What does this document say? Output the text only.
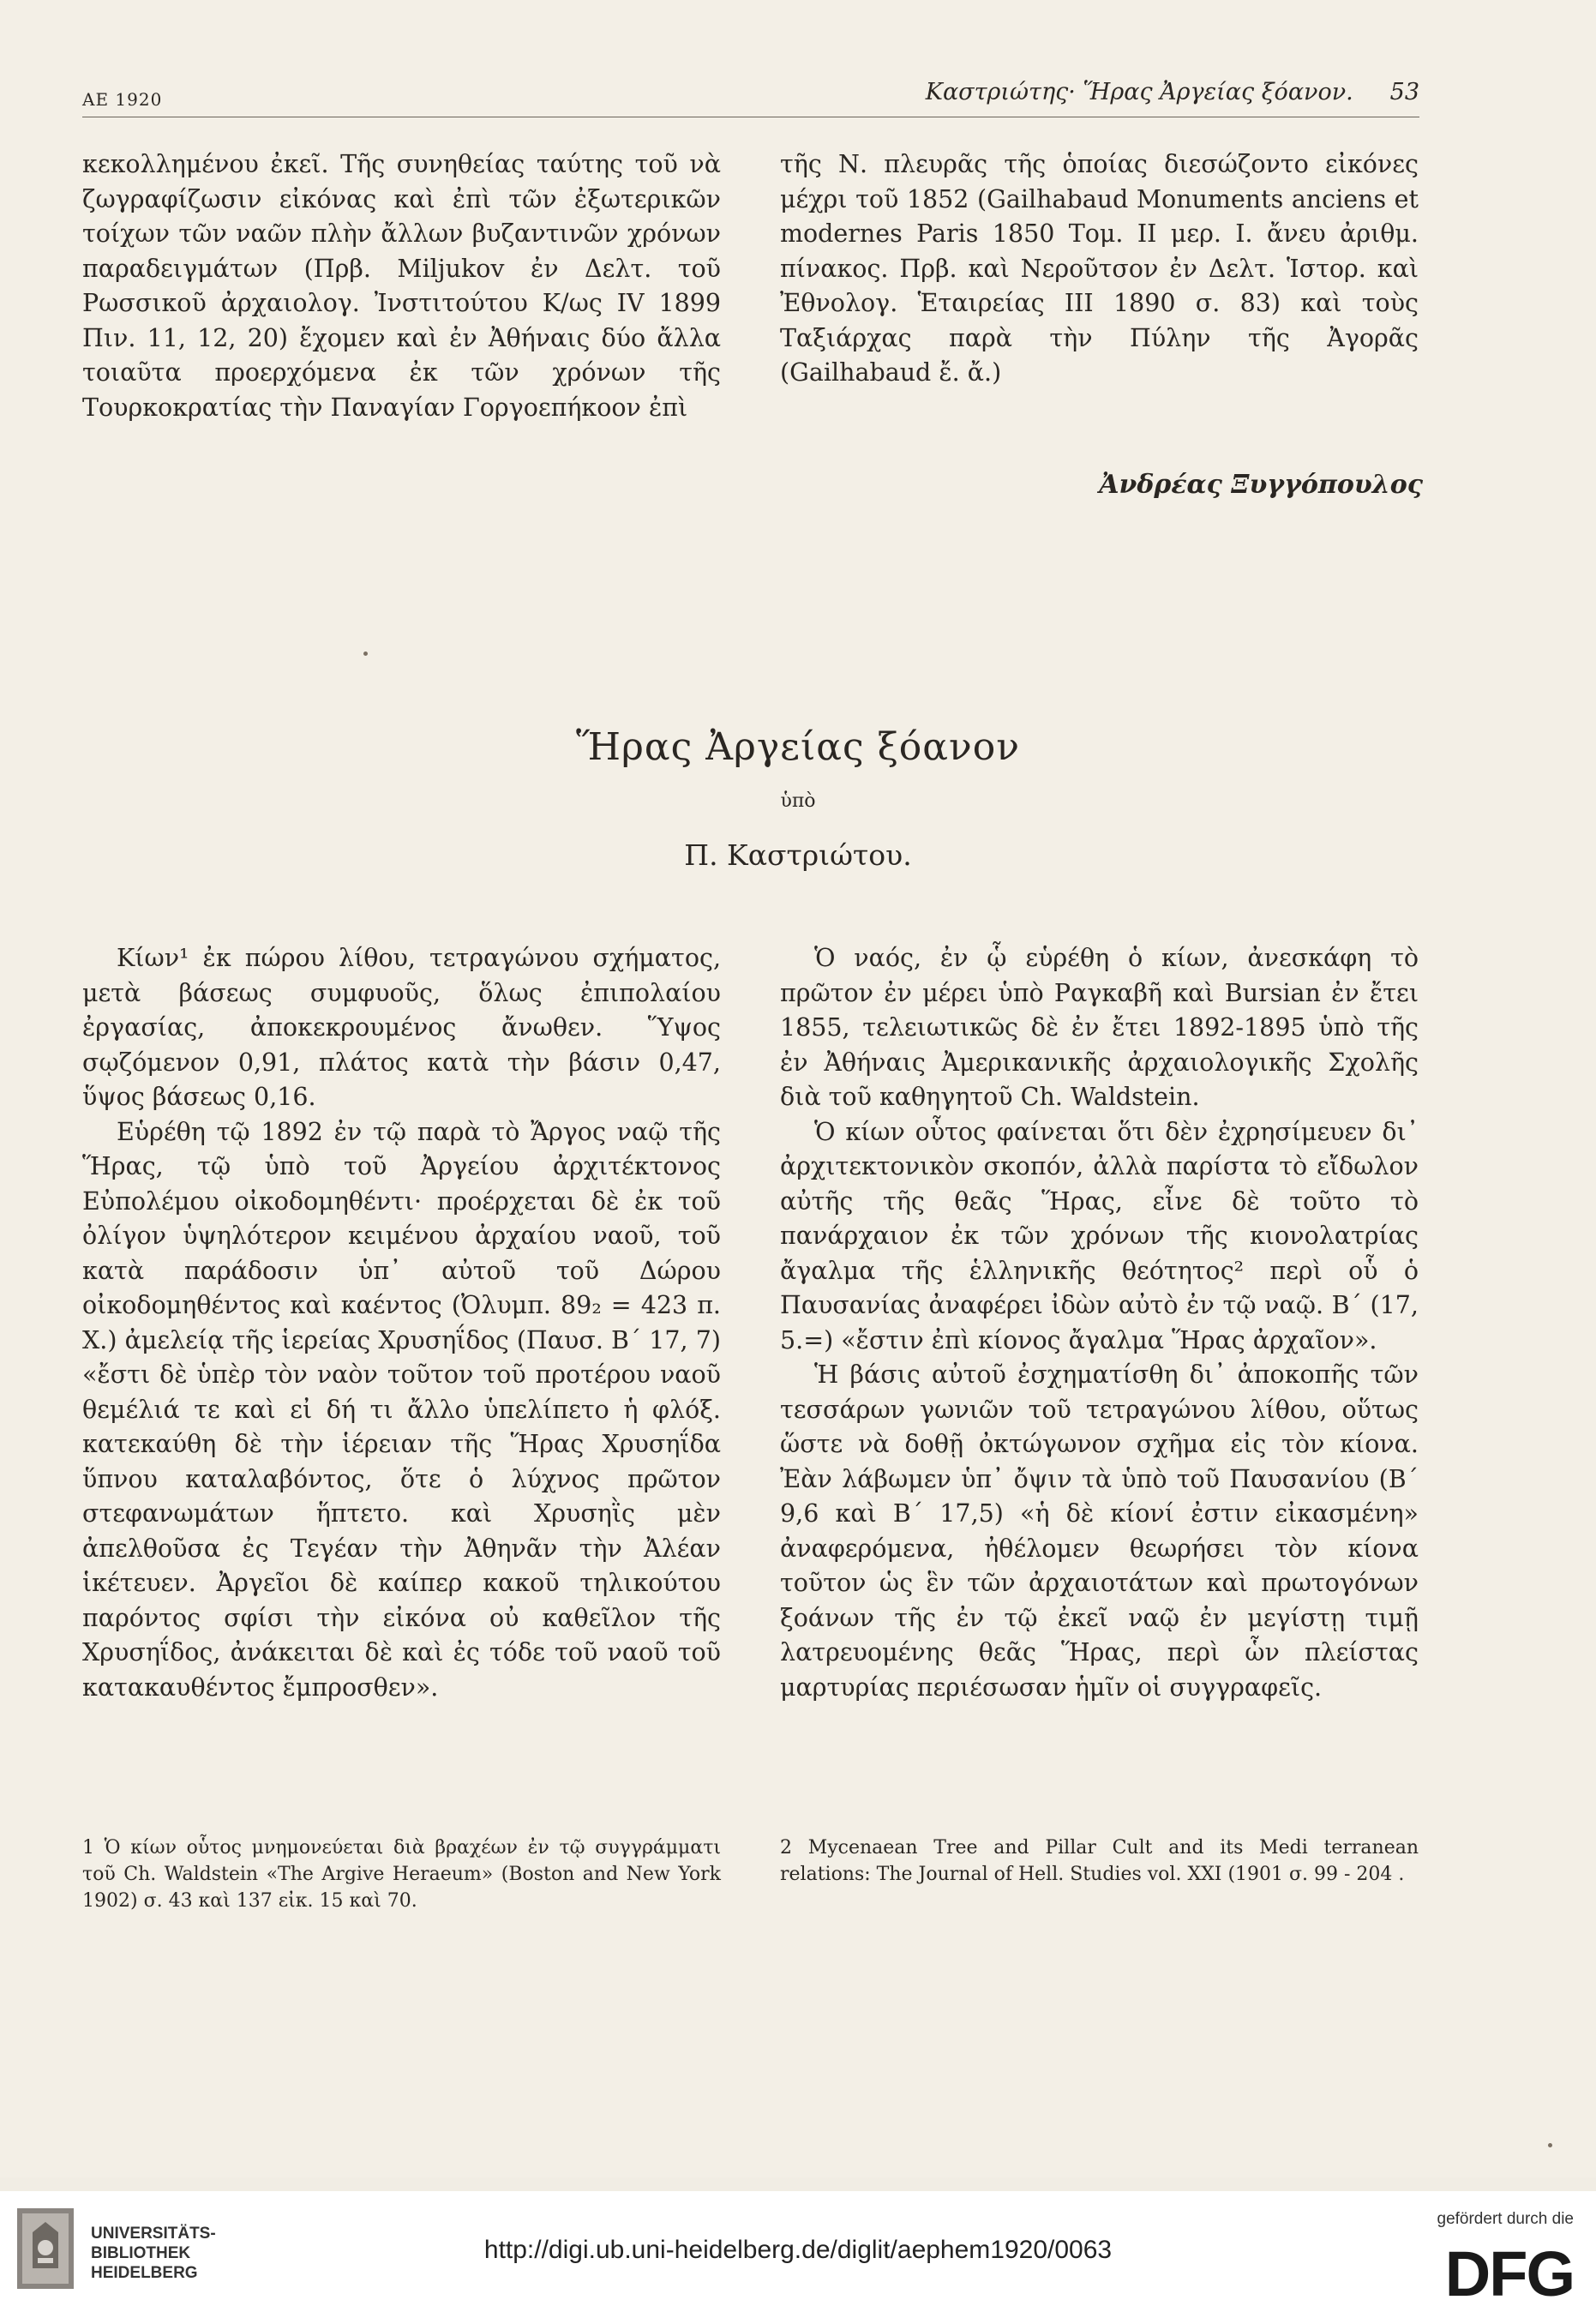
ΑΕ 1920	Καστριώτης· Ἥρας Ἀργείας ξόανον. 53

κεκολλημένου ἐκεῖ. Τῆς συνηθείας ταύτης τοῦ νὰ ζωγραφίζωσιν εἰκόνας καὶ ἐπὶ τῶν ἐξωτερικῶν τοίχων τῶν ναῶν πλὴν ἄλλων βυζαντινῶν χρόνων παραδειγμάτων (Πρβ. Miljukov ἐν Δελτ. τοῦ Ρωσσικοῦ ἀρχαιολογ. Ἰνστιτούτου Κ/ως IV 1899 Πιν. 11, 12, 20) ἔχομεν καὶ ἐν Ἀθήναις δύο ἄλλα τοιαῦτα προερχόμενα ἐκ τῶν χρόνων τῆς Τουρκοκρατίας τὴν Παναγίαν Γοργοεπήκοον ἐπὶ

τῆς Ν. πλευρᾶς τῆς ὁποίας διεσώζοντο εἰκόνες μέχρι τοῦ 1852 (Gailhabaud Monuments anciens et modernes Paris 1850 Τομ. II μερ. I. ἄνευ ἀριθμ. πίνακος. Πρβ. καὶ Νεροῦτσον ἐν Δελτ. Ἱστορ. καὶ Ἐθνολογ. Ἑταιρείας III 1890 σ. 83) καὶ τοὺς Ταξιάρχας παρὰ τὴν Πύλην τῆς Ἀγορᾶς (Gailhabaud ἔ. ἄ.)

Ἀνδρέας Ξυγγόπουλος
Ἥρας Ἀργείας ξόανον
ὑπὸ
Π. Καστριώτου.

Κίων¹ ἐκ πώρου λίθου, τετραγώνου σχήματος, μετὰ βάσεως συμφυοῦς, ὅλως ἐπιπολαίου ἐργασίας, ἀποκεκρουμένος ἄνωθεν. Ὕψος σῳζόμενον 0,91, πλάτος κατὰ τὴν βάσιν 0,47, ὕψος βάσεως 0,16.

Εὑρέθη τῷ 1892 ἐν τῷ παρὰ τὸ Ἄργος ναῷ τῆς Ἥρας, τῷ ὑπὸ τοῦ Ἀργείου ἀρχιτέκτονος Εὐπολέμου οἰκοδομηθέντι· προέρχεται δὲ ἐκ τοῦ ὀλίγον ὑψηλότερον κειμένου ἀρχαίου ναοῦ, τοῦ κατὰ παράδοσιν ὑπ᾽ αὐτοῦ τοῦ Δώρου οἰκοδομηθέντος καὶ καέντος (Ὀλυμπ. 89₂ = 423 π. Χ.) ἀμελείᾳ τῆς ἱερείας Χρυσηΐδος (Παυσ. Β´ 17, 7) «ἔστι δὲ ὑπὲρ τὸν ναὸν τοῦτον τοῦ προτέρου ναοῦ θεμέλιά τε καὶ εἰ δή τι ἄλλο ὑπελίπετο ἡ φλόξ. κατεκαύθη δὲ τὴν ἱέρειαν τῆς Ἥρας Χρυσηΐδα ὕπνου καταλαβόντος, ὅτε ὁ λύχνος πρῶτον στεφανωμάτων ἥπτετο. καὶ Χρυσηῒς μὲν ἀπελθοῦσα ἐς Τεγέαν τὴν Ἀθηνᾶν τὴν Ἀλέαν ἱκέτευεν. Ἀργεῖοι δὲ καίπερ κακοῦ τηλικούτου παρόντος σφίσι τὴν εἰκόνα οὐ καθεῖλον τῆς Χρυσηΐδος, ἀνάκειται δὲ καὶ ἐς τόδε τοῦ ναοῦ τοῦ κατακαυθέντος ἔμπροσθεν».

Ὁ ναός, ἐν ᾧ εὑρέθη ὁ κίων, ἀνεσκάφη τὸ πρῶτον ἐν μέρει ὑπὸ Ραγκαβῆ καὶ Bursian ἐν ἔτει 1855, τελειωτικῶς δὲ ἐν ἔτει 1892-1895 ὑπὸ τῆς ἐν Ἀθήναις Ἀμερικανικῆς ἀρχαιολογικῆς Σχολῆς διὰ τοῦ καθηγητοῦ Ch. Waldstein.

Ὁ κίων οὗτος φαίνεται ὅτι δὲν ἐχρησίμευεν δι᾽ ἀρχιτεκτονικὸν σκοπόν, ἀλλὰ παρίστα τὸ εἴδωλον αὐτῆς τῆς θεᾶς Ἥρας, εἶνε δὲ τοῦτο τὸ πανάρχαιον ἐκ τῶν χρόνων τῆς κιονολατρίας ἄγαλμα τῆς ἑλληνικῆς θεότητος² περὶ οὗ ὁ Παυσανίας ἀναφέρει ἰδὼν αὐτὸ ἐν τῷ ναῷ. Β´ (17, 5.=) «ἔστιν ἐπὶ κίονος ἄγαλμα Ἥρας ἀρχαῖον».

Ἡ βάσις αὐτοῦ ἐσχηματίσθη δι᾽ ἀποκοπῆς τῶν τεσσάρων γωνιῶν τοῦ τετραγώνου λίθου, οὕτως ὥστε νὰ δοθῇ ὀκτώγωνον σχῆμα εἰς τὸν κίονα. Ἐὰν λάβωμεν ὑπ᾽ ὄψιν τὰ ὑπὸ τοῦ Παυσανίου (Β´ 9,6 καὶ Β´ 17,5) «ἡ δὲ κίονί ἐστιν εἰκασμένη» ἀναφερόμενα, ἠθέλομεν θεωρήσει τὸν κίονα τοῦτον ὡς ἓν τῶν ἀρχαιοτάτων καὶ πρωτογόνων ξοάνων τῆς ἐν τῷ ἐκεῖ ναῷ ἐν μεγίστῃ τιμῇ λατρευομένης θεᾶς Ἥρας, περὶ ὧν πλείστας μαρτυρίας περιέσωσαν ἡμῖν οἱ συγγραφεῖς.

1 Ὁ κίων οὗτος μνημονεύεται διὰ βραχέων ἐν τῷ συγγράμματι τοῦ Ch. Waldstein «The Argive Heraeum» (Boston and New York 1902) σ. 43 καὶ 137 εἰκ. 15 καὶ 70.
2 Mycenaean Tree and Pillar Cult and its Medi terranean relations: The Journal of Hell. Studies vol. XXI (1901 σ. 99 - 204 .
UNIVERSITÄTS-
BIBLIOTHEK
HEIDELBERG
http://digi.ub.uni-heidelberg.de/diglit/aephem1920/0063
gefördert durch die
DFG
